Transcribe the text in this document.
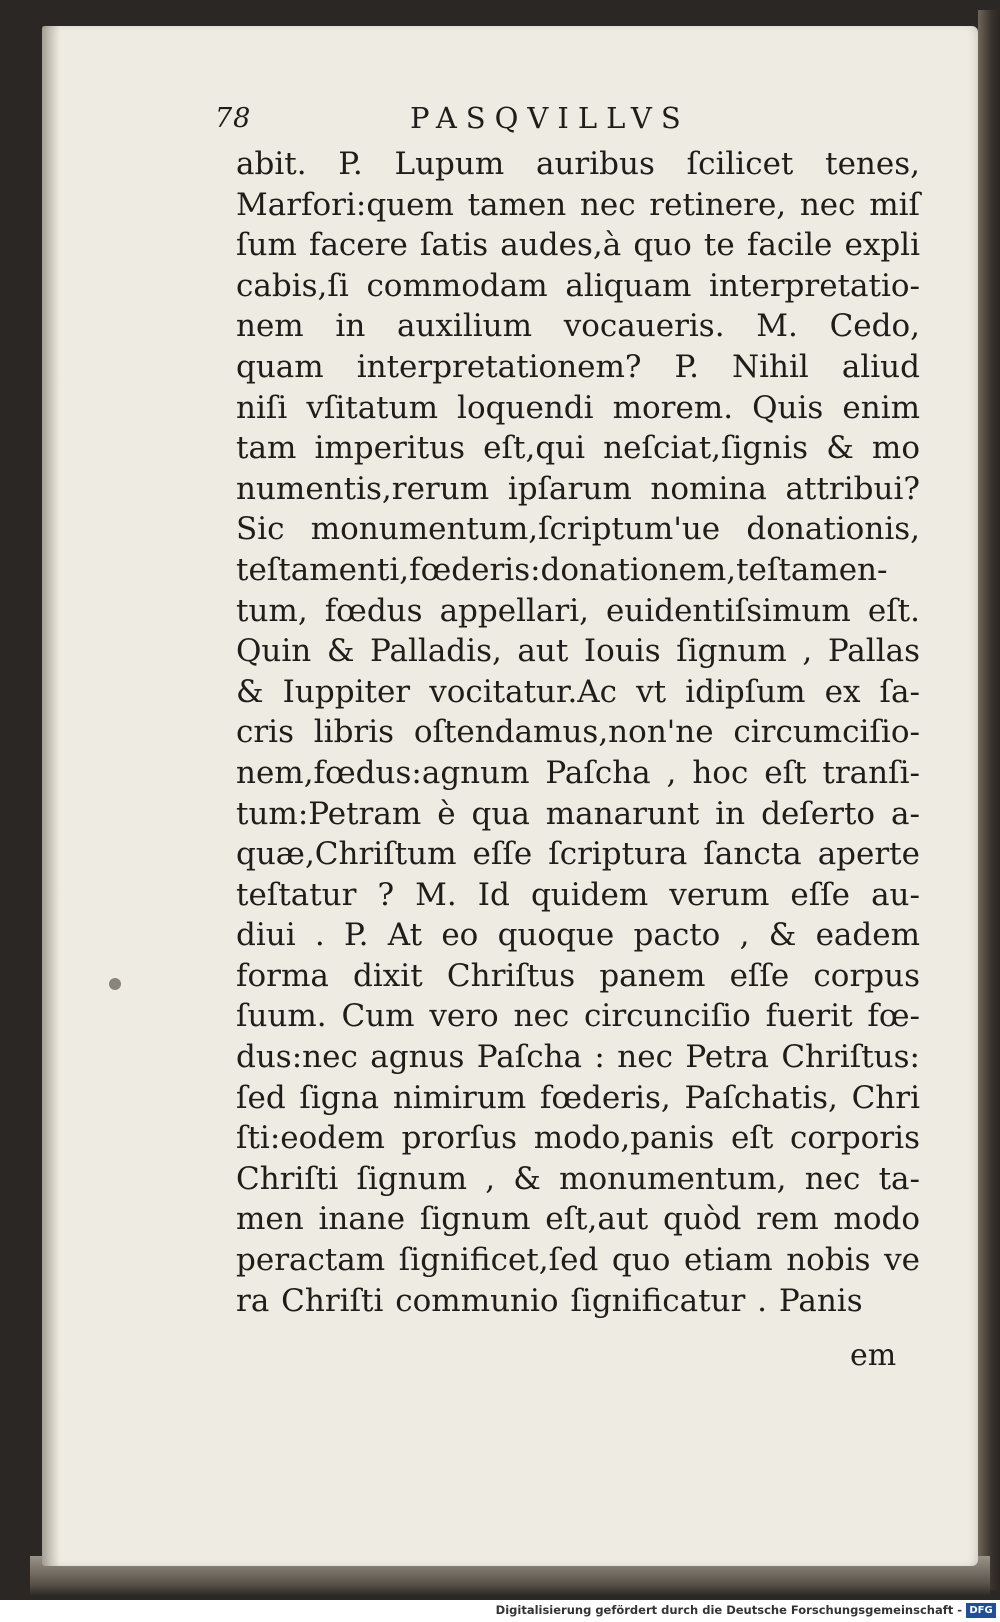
78	PASQVILLVS
abit. P. Lupum auribus ſcilicet tenes,
Marfori:quem tamen nec retinere, nec miſ
ſum facere ſatis audes,à quo te facile expli
cabis,ſi commodam aliquam interpretatio-
nem in auxilium vocaueris. M. Cedo,
quam interpretationem? P. Nihil aliud
niſi vſitatum loquendi morem. Quis enim
tam imperitus eſt,qui neſciat,ſignis & mo
numentis,rerum ipſarum nomina attribui?
Sic monumentum,ſcriptum'ue donationis,
teſtamenti,fœderis:donationem,teſtamen-
tum, fœdus appellari, euidentiſsimum eſt.
Quin & Palladis, aut Iouis ſignum , Pallas
& Iuppiter vocitatur.Ac vt idipſum ex ſa-
cris libris oſtendamus,non'ne circumciſio-
nem,fœdus:agnum Paſcha , hoc eſt tranſi-
tum:Petram è qua manarunt in deſerto a-
quæ,Chriſtum eſſe ſcriptura ſancta aperte
teſtatur ? M. Id quidem verum eſſe au-
diui . P. At eo quoque pacto , & eadem
forma dixit Chriſtus panem eſſe corpus
ſuum. Cum vero nec circunciſio fuerit fœ-
dus:nec agnus Paſcha : nec Petra Chriſtus:
ſed ſigna nimirum fœderis, Paſchatis, Chri
ſti:eodem prorſus modo,panis eſt corporis
Chriſti ſignum , & monumentum, nec ta-
men inane ſignum eſt,aut quòd rem modo
peractam ſignificet,ſed quo etiam nobis ve
ra Chriſti communio ſignificatur . Panis
em
Digitalisierung gefördert durch die Deutsche Forschungsgemeinschaft - DFG
